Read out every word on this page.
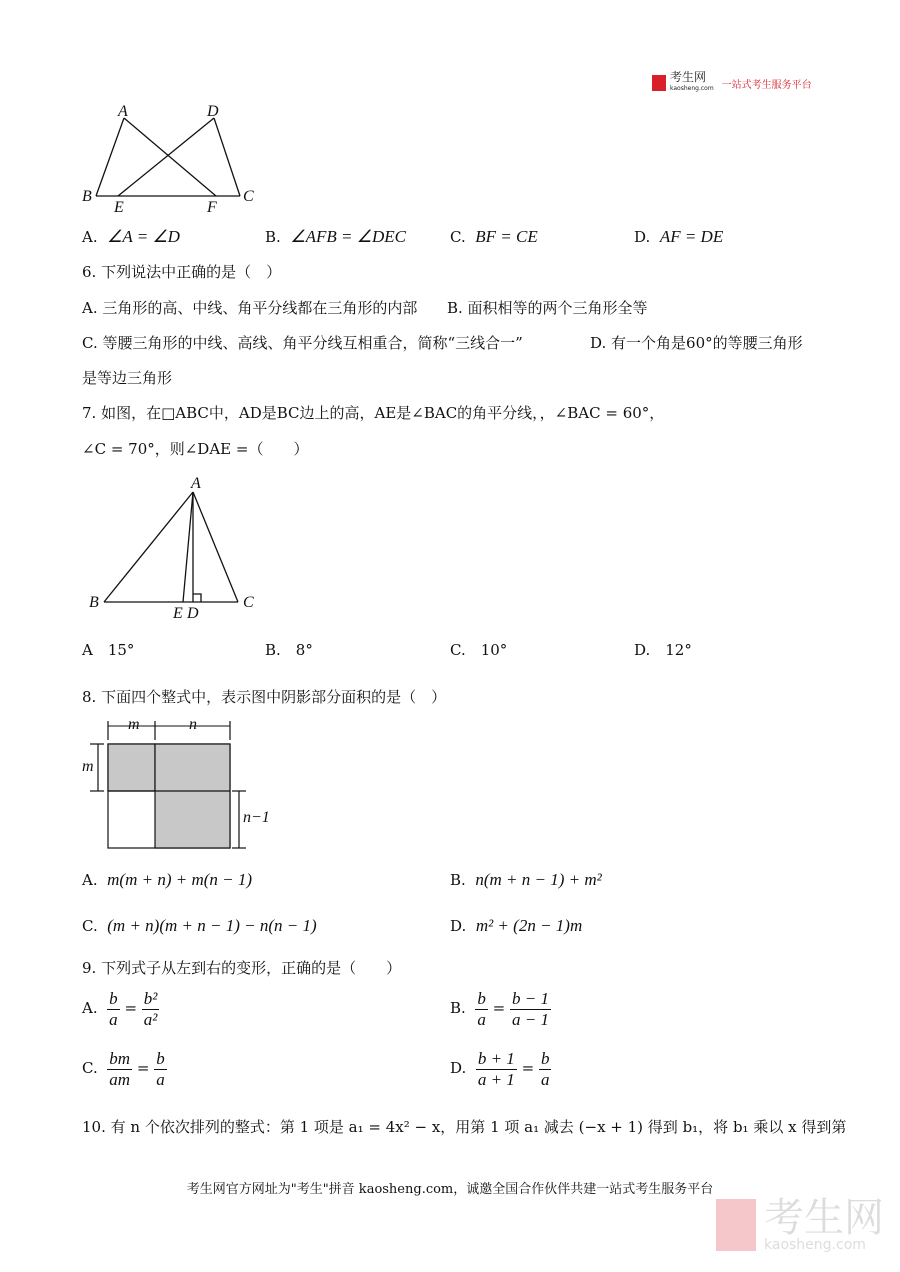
考生网
kaosheng.com 一站式考生服务平台
A	D
B
E	F
C
A. ∠A = ∠D	B. ∠AFB = ∠DEC	C. BF = CE	D. AF = DE
6. 下列说法中正确的是（　）
A. 三角形的高、中线、角平分线都在三角形的内部 B. 面积相等的两个三角形全等
C. 等腰三角形的中线、高线、角平分线互相重合，简称“三线合一”	D. 有一个角是60°的等腰三角形
是等边三角形
7. 如图，在□ABC中，AD是BC边上的高，AE是∠BAC的角平分线，，∠BAC = 60°，
∠C = 70°，则∠DAE =（　　）
A
B
E D
C
A　15°	B.　8°	C.　10°	D.　12°
8. 下面四个整式中，表示图中阴影部分面积的是（　）
m	n
m
n−1
A. m(m + n) + m(n − 1)	B. n(m + n − 1) + m²
C. (m + n)(m + n − 1) − n(n − 1)	D. m² + (2n − 1)m
9. 下列式子从左到右的变形，正确的是（　　）
A. $\frac{b}{a} = \frac{\text{b²}}{\text{a²}}$	B. $\frac{b}{a} = \frac{b - 1}{a - 1}$
C. $\frac{bm}{am} = \frac{b}{a}$	D. $\frac{b + 1}{a + 1} = \frac{b}{a}$
10. 有 n 个依次排列的整式：第 1 项是 a₁ = 4x² − x，用第 1 项 a₁ 减去 (−x + 1) 得到 b₁，将 b₁ 乘以 x 得到第
考生网官方网址为"考生"拼音 kaosheng.com，诚邀全国合作伙伴共建一站式考生服务平台
考生网
kaosheng.com
